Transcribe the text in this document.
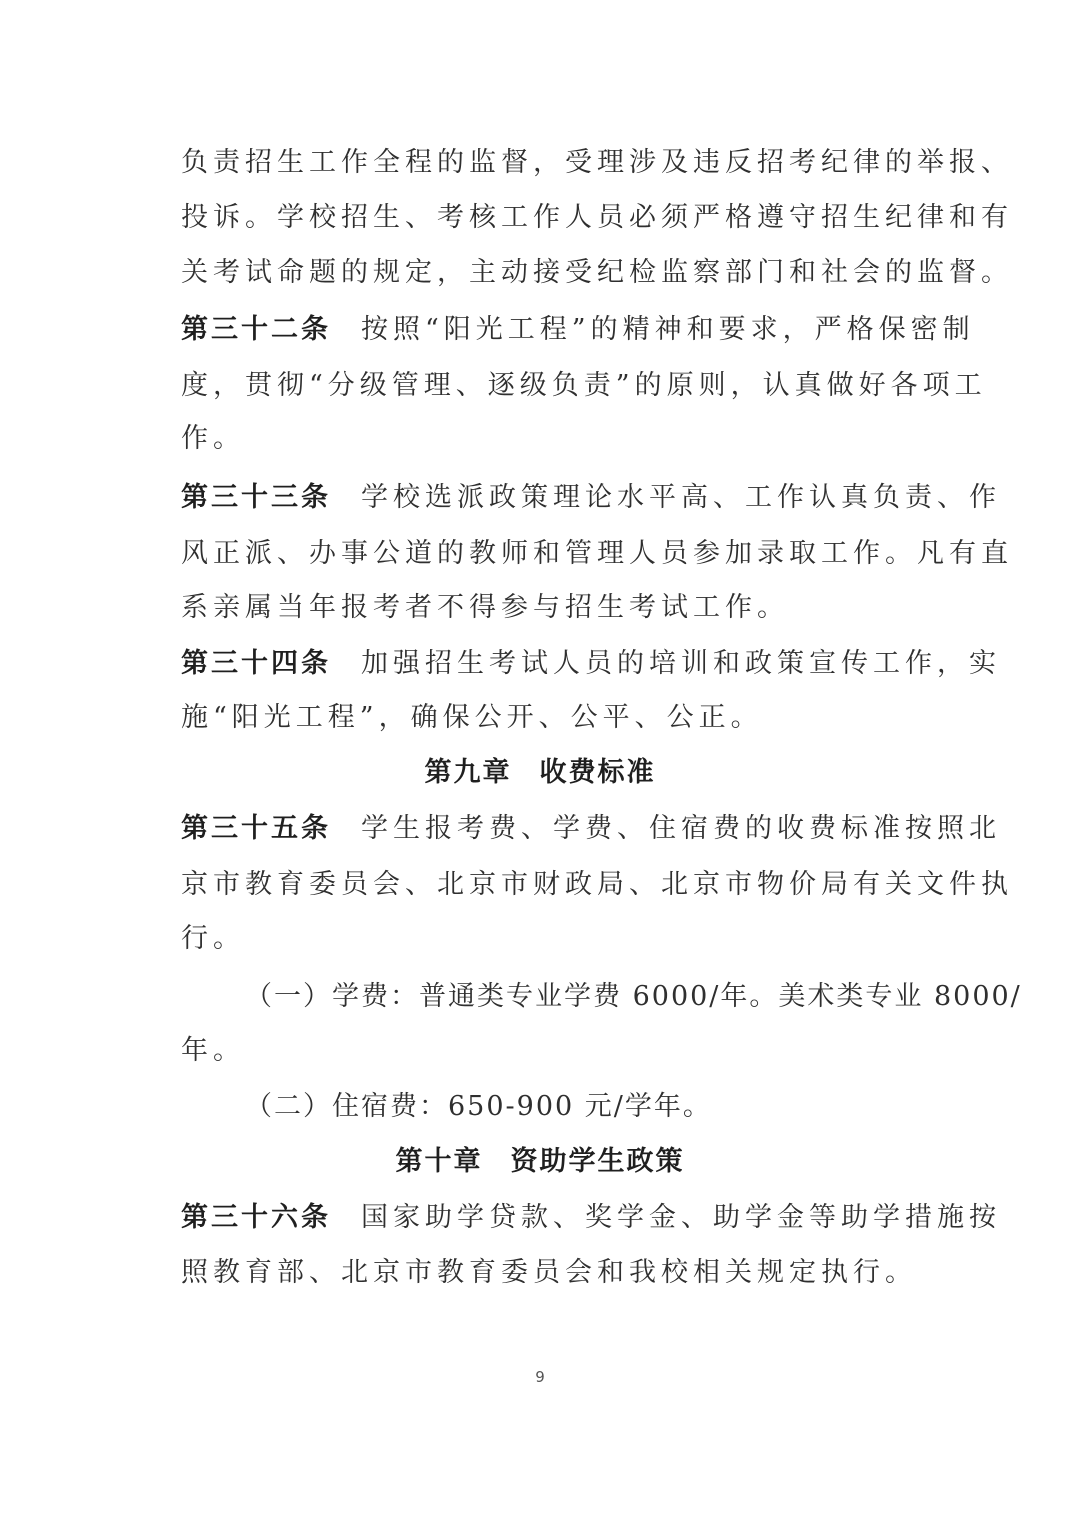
负责招生工作全程的监督，受理涉及违反招考纪律的举报、
投诉。学校招生、考核工作人员必须严格遵守招生纪律和有
关考试命题的规定，主动接受纪检监察部门和社会的监督。
第三十二条 按照“阳光工程”的精神和要求，严格保密制
度，贯彻“分级管理、逐级负责”的原则，认真做好各项工
作。
第三十三条 学校选派政策理论水平高、工作认真负责、作
风正派、办事公道的教师和管理人员参加录取工作。凡有直
系亲属当年报考者不得参与招生考试工作。
第三十四条 加强招生考试人员的培训和政策宣传工作，实
施“阳光工程”，确保公开、公平、公正。
第九章 收费标准
第三十五条 学生报考费、学费、住宿费的收费标准按照北
京市教育委员会、北京市财政局、北京市物价局有关文件执
行。
（一）学费：普通类专业学费 6000/年。美术类专业 8000/
年。
（二）住宿费：650-900 元/学年。
第十章 资助学生政策
第三十六条 国家助学贷款、奖学金、助学金等助学措施按
照教育部、北京市教育委员会和我校相关规定执行。
9
